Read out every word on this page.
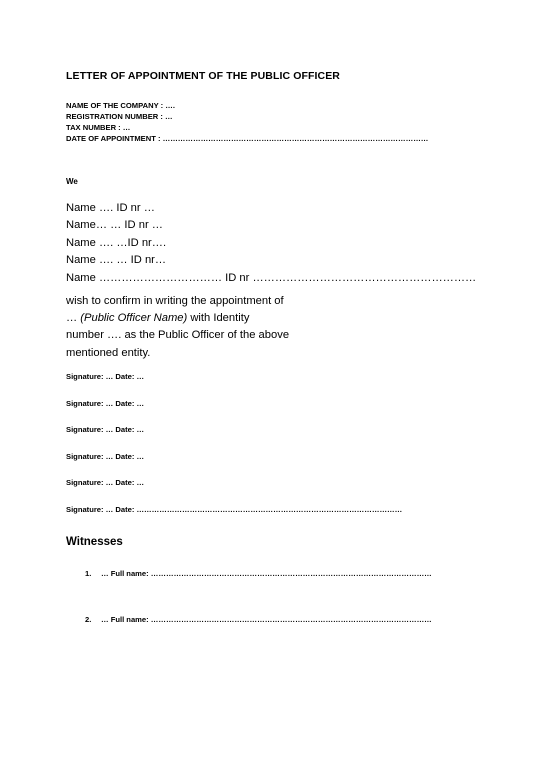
LETTER OF APPOINTMENT OF THE PUBLIC OFFICER
NAME OF THE COMPANY : ….
REGISTRATION NUMBER : …
TAX NUMBER : …
DATE OF APPOINTMENT : ……………………………………………………………………………………………
We
Name …. ID nr …
Name… … ID nr …
Name …. …ID nr….
Name …. … ID nr…
Name …………………………… ID nr ……………………………………………………
wish to confirm in writing the appointment of
… (Public Officer Name) with Identity
number …. as the Public Officer of the above
mentioned entity.
Signature: … Date: …
Signature: … Date: …
Signature: … Date: …
Signature: … Date: …
Signature: … Date: …
Signature: … Date: ……………………………………………………………………………………………
Witnesses
1. … Full name: …………………………………………………………………………………………………
2. … Full name: …………………………………………………………………………………………………
